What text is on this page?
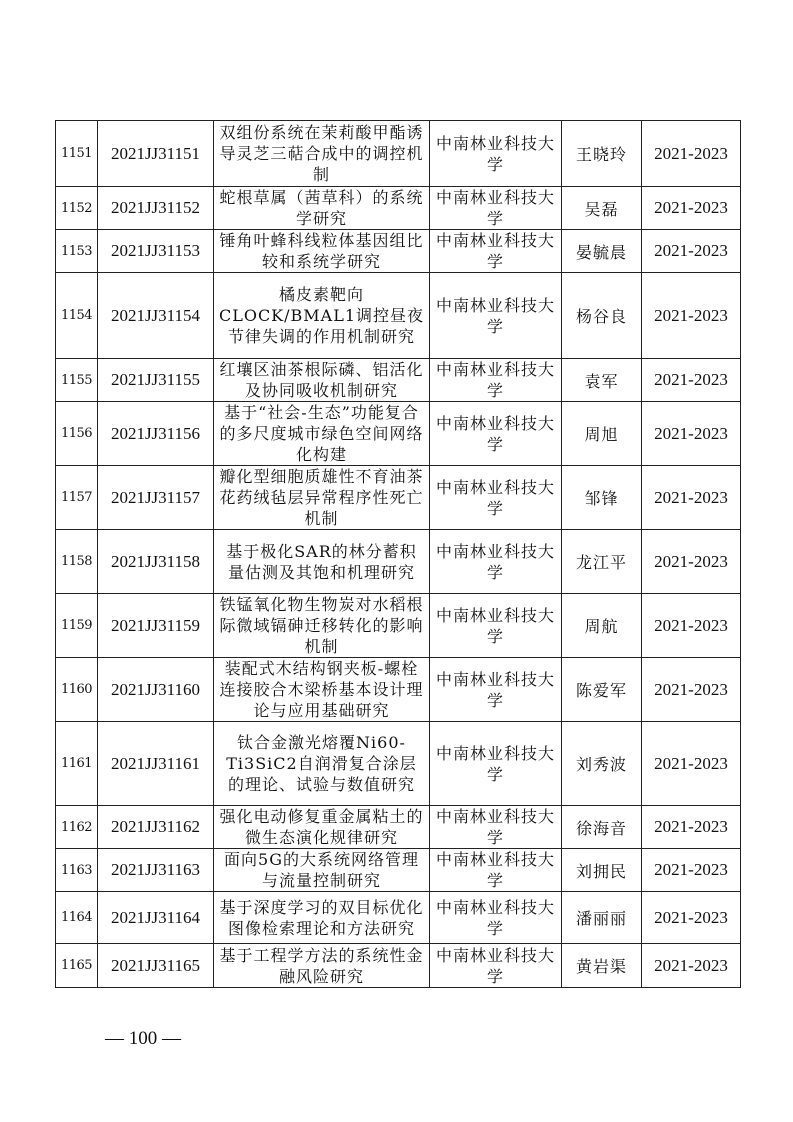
1151	2021JJ31151	双组份系统在茉莉酸甲酯诱导灵芝三萜合成中的调控机制	中南林业科技大学	王晓玲	2021-2023
1152	2021JJ31152	蛇根草属（茜草科）的系统学研究	中南林业科技大学	吴磊	2021-2023
1153	2021JJ31153	锤角叶蜂科线粒体基因组比较和系统学研究	中南林业科技大学	晏毓晨	2021-2023
1154	2021JJ31154	橘皮素靶向CLOCK/BMAL1调控昼夜节律失调的作用机制研究	中南林业科技大学	杨谷良	2021-2023
1155	2021JJ31155	红壤区油茶根际磷、铝活化及协同吸收机制研究	中南林业科技大学	袁军	2021-2023
1156	2021JJ31156	基于“社会-生态”功能复合的多尺度城市绿色空间网络化构建	中南林业科技大学	周旭	2021-2023
1157	2021JJ31157	瓣化型细胞质雄性不育油茶花药绒毡层异常程序性死亡机制	中南林业科技大学	邹锋	2021-2023
1158	2021JJ31158	基于极化SAR的林分蓄积量估测及其饱和机理研究	中南林业科技大学	龙江平	2021-2023
1159	2021JJ31159	铁锰氧化物生物炭对水稻根际微域镉砷迁移转化的影响机制	中南林业科技大学	周航	2021-2023
1160	2021JJ31160	装配式木结构钢夹板-螺栓连接胶合木梁桥基本设计理论与应用基础研究	中南林业科技大学	陈爱军	2021-2023
1161	2021JJ31161	钛合金激光熔覆Ni60-Ti3SiC2自润滑复合涂层的理论、试验与数值研究	中南林业科技大学	刘秀波	2021-2023
1162	2021JJ31162	强化电动修复重金属粘土的微生态演化规律研究	中南林业科技大学	徐海音	2021-2023
1163	2021JJ31163	面向5G的大系统网络管理与流量控制研究	中南林业科技大学	刘拥民	2021-2023
1164	2021JJ31164	基于深度学习的双目标优化图像检索理论和方法研究	中南林业科技大学	潘丽丽	2021-2023
1165	2021JJ31165	基于工程学方法的系统性金融风险研究	中南林业科技大学	黄岩渠	2021-2023
— 100 —
